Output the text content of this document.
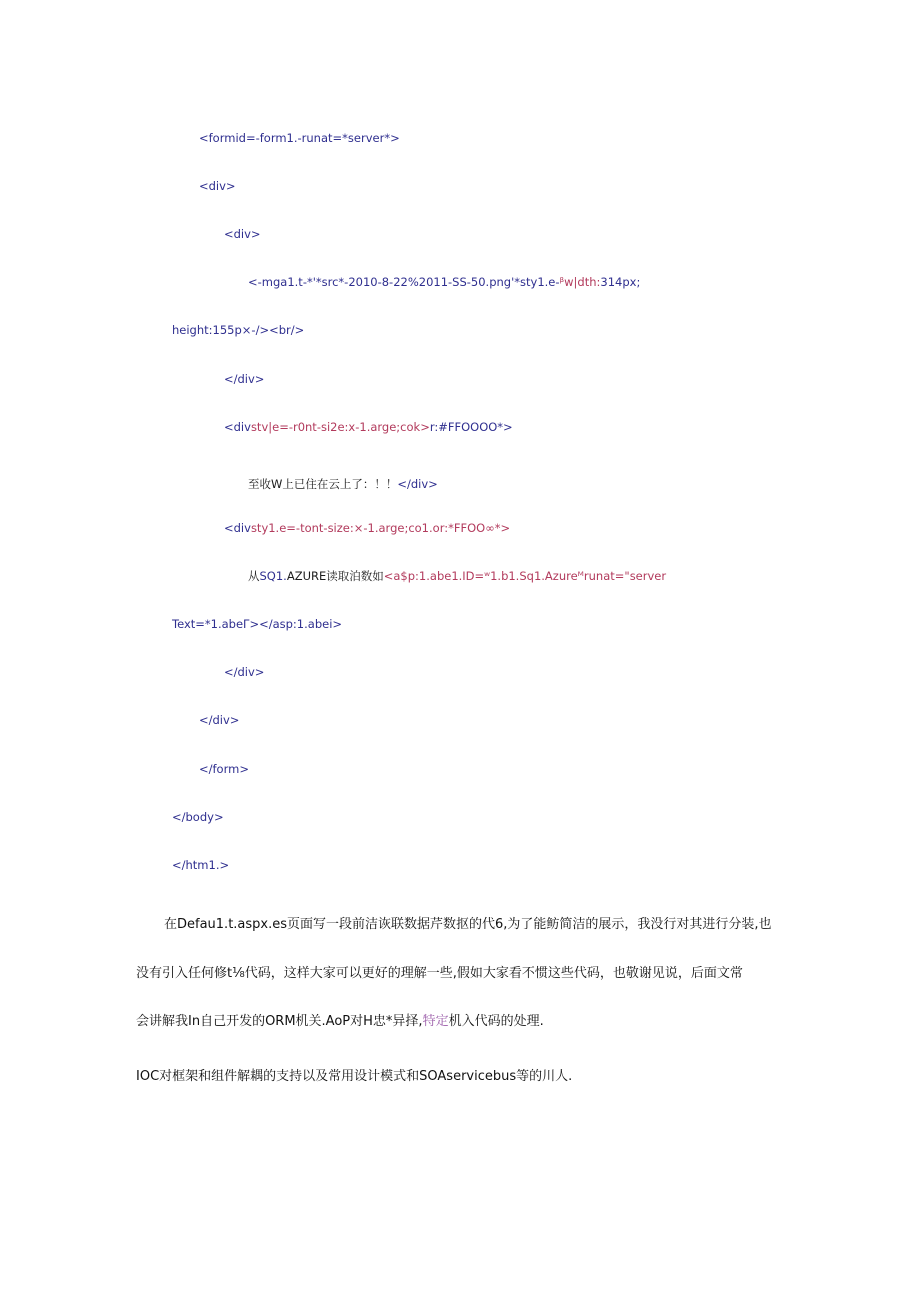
<formid=-form1.-runat=*server*>
<div>
<div>
<-mga1.t-*'*src*-2010-8-22%2011-SS-50.png'*sty1.e-ᵝw|dth:314px;
height:155p×-/><br/>
</div>
<divstv|e=-r0nt-si2e:x-1.arge;cok>r:#FFOOOO*>
至收W上已住在云上了：！！</div>
<divsty1.e=-tont-size:×-1.arge;co1.or:*FFOO∞*>
从SQ1.AZURE读取泊数如<a$p:1.abe1.ID=ʷ1.b1.Sq1.Azureᴹrunat="server
Text=*1.abeΓ></asp:1.abei>
</div>
</div>
</form>
</body>
</htm1.>
在Defau1.t.aspx.es页面写一段前洁诙联数据芹数抠的代6,为了能鲂简洁的展示，我没行对其进行分装,也
没有引入任何修t⅛代码，这样大家可以更好的理解一些,假如大家看不惯这些代码，也敬谢见说，后面文常
会讲解我In自己开发的ORM机关.AoP对H忠*异择,特定机入代码的处理.
IOC对框架和组件解耦的支持以及常用设计模式和SOAservicebus等的川人.
